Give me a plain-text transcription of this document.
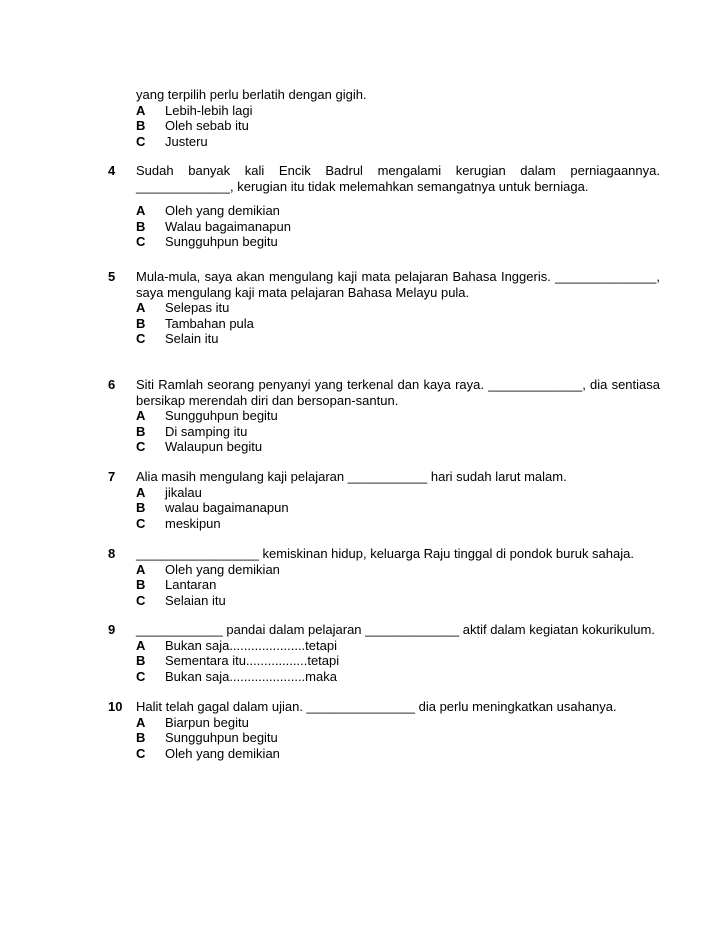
yang terpilih perlu berlatih dengan gigih.
A Lebih-lebih lagi
B Oleh sebab itu
C Justeru
4 Sudah banyak kali Encik Badrul mengalami kerugian dalam perniagaannya. _____________, kerugian itu tidak melemahkan semangatnya untuk berniaga.
A Oleh yang demikian
B Walau bagaimanapun
C Sungguhpun begitu
5 Mula-mula, saya akan mengulang kaji mata pelajaran Bahasa Inggeris. ______________, saya mengulang kaji mata pelajaran Bahasa Melayu pula.
A Selepas itu
B Tambahan pula
C Selain itu
6 Siti Ramlah seorang penyanyi yang terkenal dan kaya raya. _____________, dia sentiasa bersikap merendah diri dan bersopan-santun.
A Sungguhpun begitu
B Di samping itu
C Walaupun begitu
7 Alia masih mengulang kaji pelajaran ___________ hari sudah larut malam.
A jikalau
B walau bagaimanapun
C meskipun
8 _________________ kemiskinan hidup, keluarga Raju tinggal di pondok buruk sahaja.
A Oleh yang demikian
B Lantaran
C Selaian itu
9 ____________ pandai dalam pelajaran _____________ aktif dalam kegiatan kokurikulum.
A Bukan saja.....................tetapi
B Sementara itu.................tetapi
C Bukan saja.....................maka
10 Halit telah gagal dalam ujian. _______________ dia perlu meningkatkan usahanya.
A Biarpun begitu
B Sungguhpun begitu
C Oleh yang demikian
